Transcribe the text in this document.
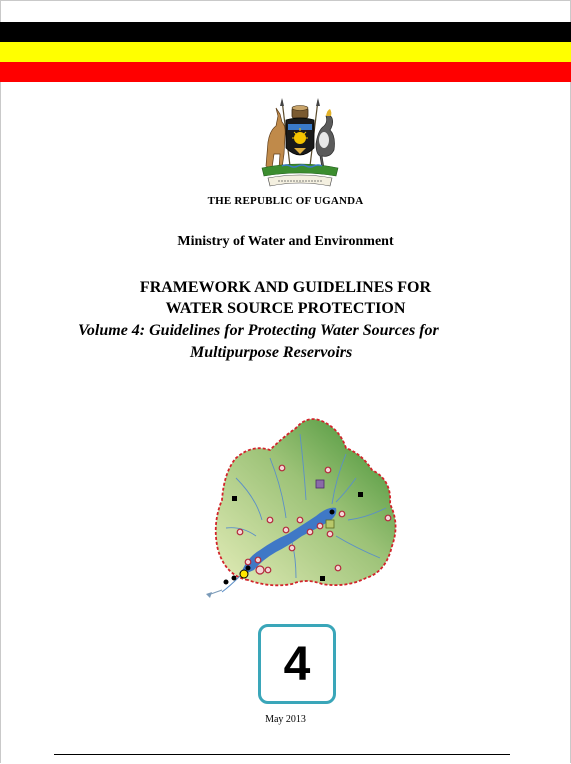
THE REPUBLIC OF UGANDA
Ministry of Water and Environment
FRAMEWORK AND GUIDELINES FOR
WATER SOURCE PROTECTION
Volume 4: Guidelines for Protecting Water Sources for
Multipurpose Reservoirs
4
May 2013
